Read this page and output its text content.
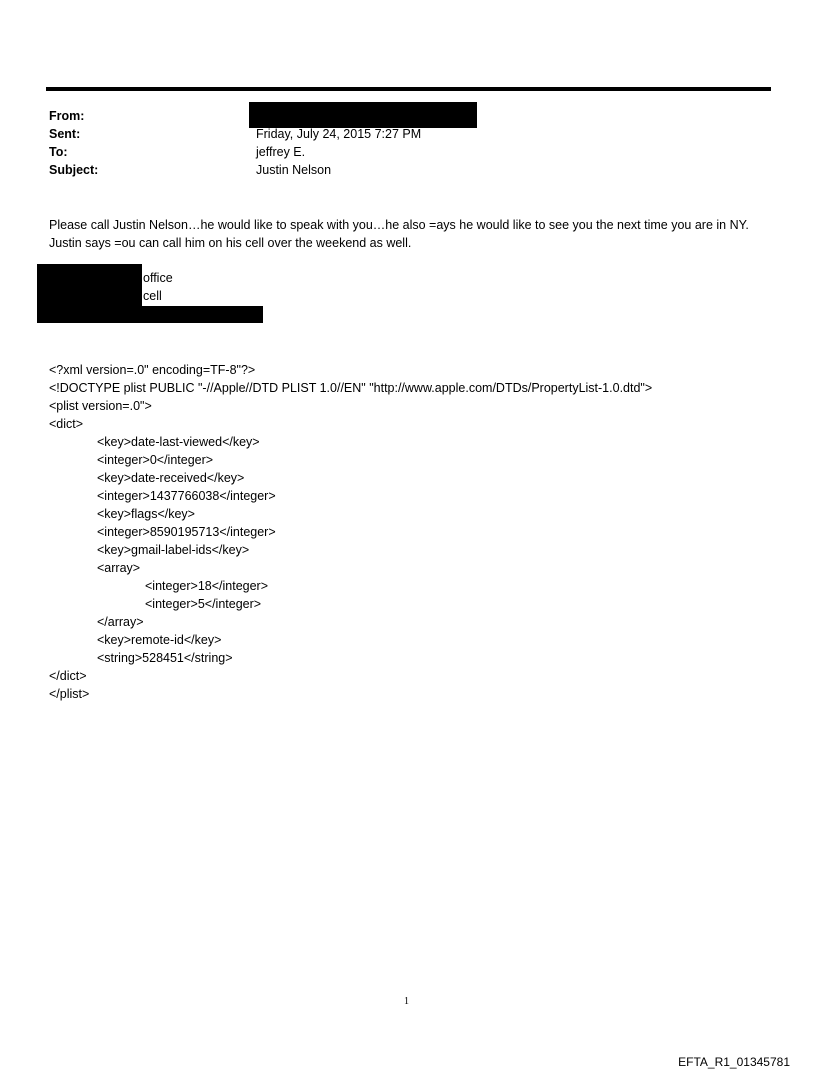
From:
Sent:	Friday, July 24, 2015 7:27 PM
To:	jeffrey E.
Subject:	Justin Nelson
Please call Justin Nelson…he would like to speak with you…he also =ays he would like to see you the next time you are in NY. Justin says =ou can call him on his cell over the weekend as well.
office
cell
<?xml version=.0" encoding=TF-8"?>
<!DOCTYPE plist PUBLIC "-//Apple//DTD PLIST 1.0//EN" "http://www.apple.com/DTDs/PropertyList-1.0.dtd">
<plist version=.0">
<dict>
<key>date-last-viewed</key>
<integer>0</integer>
<key>date-received</key>
<integer>1437766038</integer>
<key>flags</key>
<integer>8590195713</integer>
<key>gmail-label-ids</key>
<array>
<integer>18</integer>
<integer>5</integer>
</array>
<key>remote-id</key>
<string>528451</string>
</dict>
</plist>
1
EFTA_R1_01345781
